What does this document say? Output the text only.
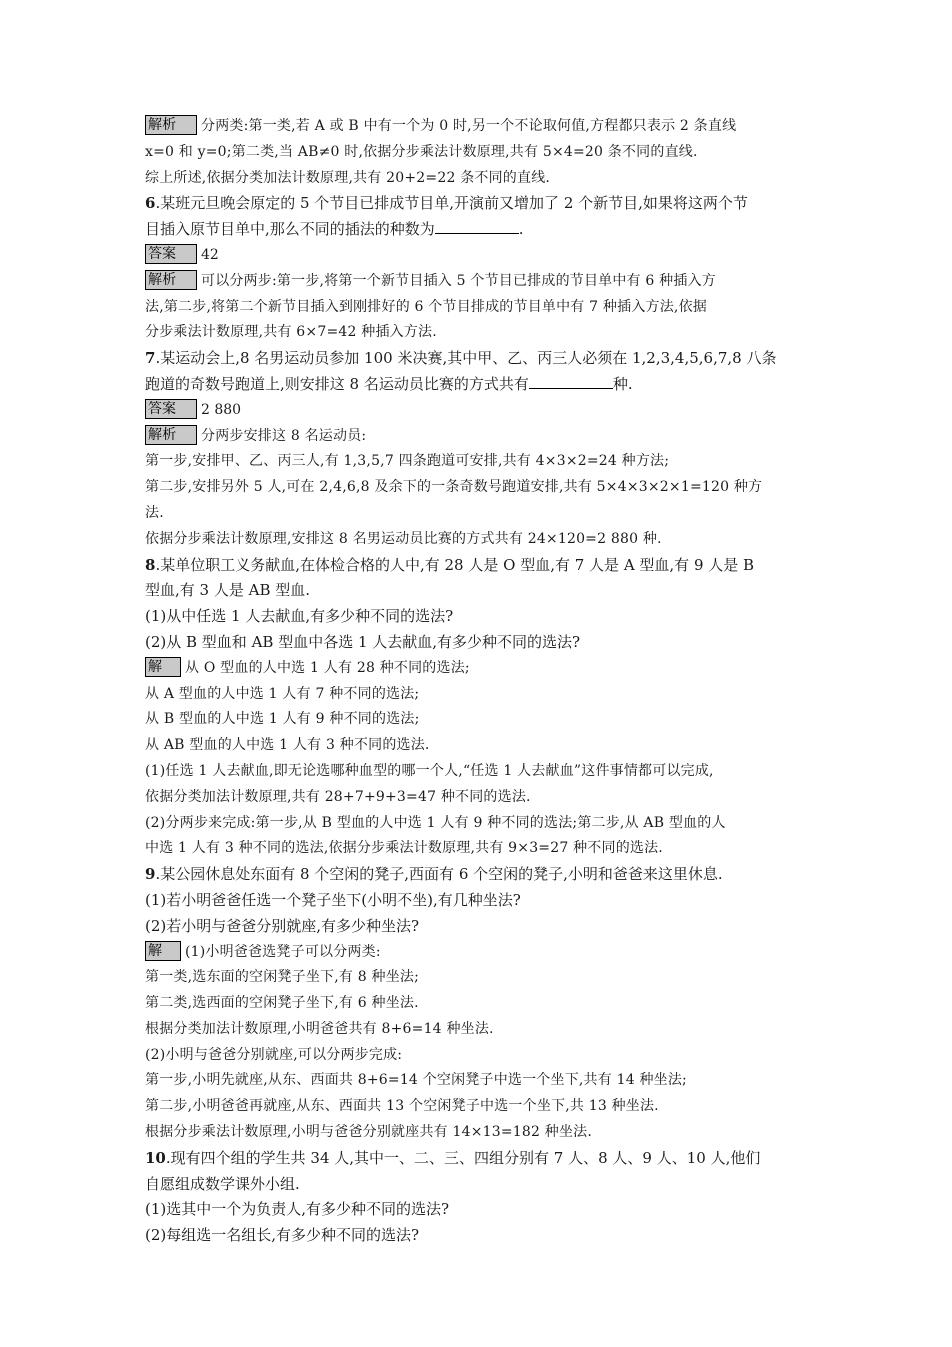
解析 分两类:第一类,若 A 或 B 中有一个为 0 时,另一个不论取何值,方程都只表示 2 条直线
x=0 和 y=0;第二类,当 AB≠0 时,依据分步乘法计数原理,共有 5×4=20 条不同的直线.
综上所述,依据分类加法计数原理,共有 20+2=22 条不同的直线.
6.某班元旦晚会原定的 5 个节目已排成节目单,开演前又增加了 2 个新节目,如果将这两个节
目插入原节目单中,那么不同的插法的种数为	.
答案 42
解析 可以分两步:第一步,将第一个新节目插入 5 个节目已排成的节目单中有 6 种插入方
法,第二步,将第二个新节目插入到刚排好的 6 个节目排成的节目单中有 7 种插入方法,依据
分步乘法计数原理,共有 6×7=42 种插入方法.
7.某运动会上,8 名男运动员参加 100 米决赛,其中甲、乙、丙三人必须在 1,2,3,4,5,6,7,8 八条
跑道的奇数号跑道上,则安排这 8 名运动员比赛的方式共有	种.
答案 2 880
解析 分两步安排这 8 名运动员:
第一步,安排甲、乙、丙三人,有 1,3,5,7 四条跑道可安排,共有 4×3×2=24 种方法;
第二步,安排另外 5 人,可在 2,4,6,8 及余下的一条奇数号跑道安排,共有 5×4×3×2×1=120 种方
法.
依据分步乘法计数原理,安排这 8 名男运动员比赛的方式共有 24×120=2 880 种.
8.某单位职工义务献血,在体检合格的人中,有 28 人是 O 型血,有 7 人是 A 型血,有 9 人是 B
型血,有 3 人是 AB 型血.
(1)从中任选 1 人去献血,有多少种不同的选法?
(2)从 B 型血和 AB 型血中各选 1 人去献血,有多少种不同的选法?
解 从 O 型血的人中选 1 人有 28 种不同的选法;
从 A 型血的人中选 1 人有 7 种不同的选法;
从 B 型血的人中选 1 人有 9 种不同的选法;
从 AB 型血的人中选 1 人有 3 种不同的选法.
(1)任选 1 人去献血,即无论选哪种血型的哪一个人,“任选 1 人去献血”这件事情都可以完成,
依据分类加法计数原理,共有 28+7+9+3=47 种不同的选法.
(2)分两步来完成:第一步,从 B 型血的人中选 1 人有 9 种不同的选法;第二步,从 AB 型血的人
中选 1 人有 3 种不同的选法,依据分步乘法计数原理,共有 9×3=27 种不同的选法.
9.某公园休息处东面有 8 个空闲的凳子,西面有 6 个空闲的凳子,小明和爸爸来这里休息.
(1)若小明爸爸任选一个凳子坐下(小明不坐),有几种坐法?
(2)若小明与爸爸分别就座,有多少种坐法?
解 (1)小明爸爸选凳子可以分两类:
第一类,选东面的空闲凳子坐下,有 8 种坐法;
第二类,选西面的空闲凳子坐下,有 6 种坐法.
根据分类加法计数原理,小明爸爸共有 8+6=14 种坐法.
(2)小明与爸爸分别就座,可以分两步完成:
第一步,小明先就座,从东、西面共 8+6=14 个空闲凳子中选一个坐下,共有 14 种坐法;
第二步,小明爸爸再就座,从东、西面共 13 个空闲凳子中选一个坐下,共 13 种坐法.
根据分步乘法计数原理,小明与爸爸分别就座共有 14×13=182 种坐法.
10.现有四个组的学生共 34 人,其中一、二、三、四组分别有 7 人、8 人、9 人、10 人,他们
自愿组成数学课外小组.
(1)选其中一个为负责人,有多少种不同的选法?
(2)每组选一名组长,有多少种不同的选法?
